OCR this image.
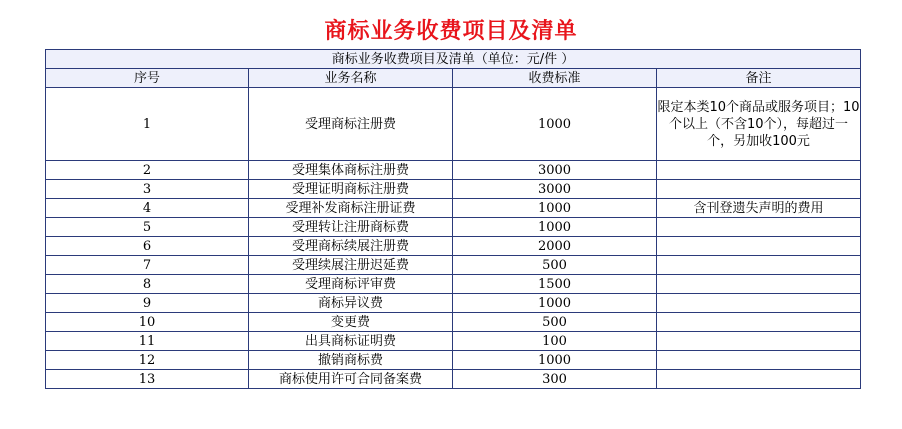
商标业务收费项目及清单
商标业务收费项目及清单（单位：元/件 ）			
序号	业务名称	收费标准	备注
1	受理商标注册费	1000	限定本类10个商品或服务项目；10个以上（不含10个），每超过一个，另加收100元
2	受理集体商标注册费	3000	
3	受理证明商标注册费	3000	
4	受理补发商标注册证费	1000	含刊登遗失声明的费用
5	受理转让注册商标费	1000	
6	受理商标续展注册费	2000	
7	受理续展注册迟延费	500	
8	受理商标评审费	1500	
9	商标异议费	1000	
10	变更费	500	
11	出具商标证明费	100	
12	撤销商标费	1000	
13	商标使用许可合同备案费	300	
